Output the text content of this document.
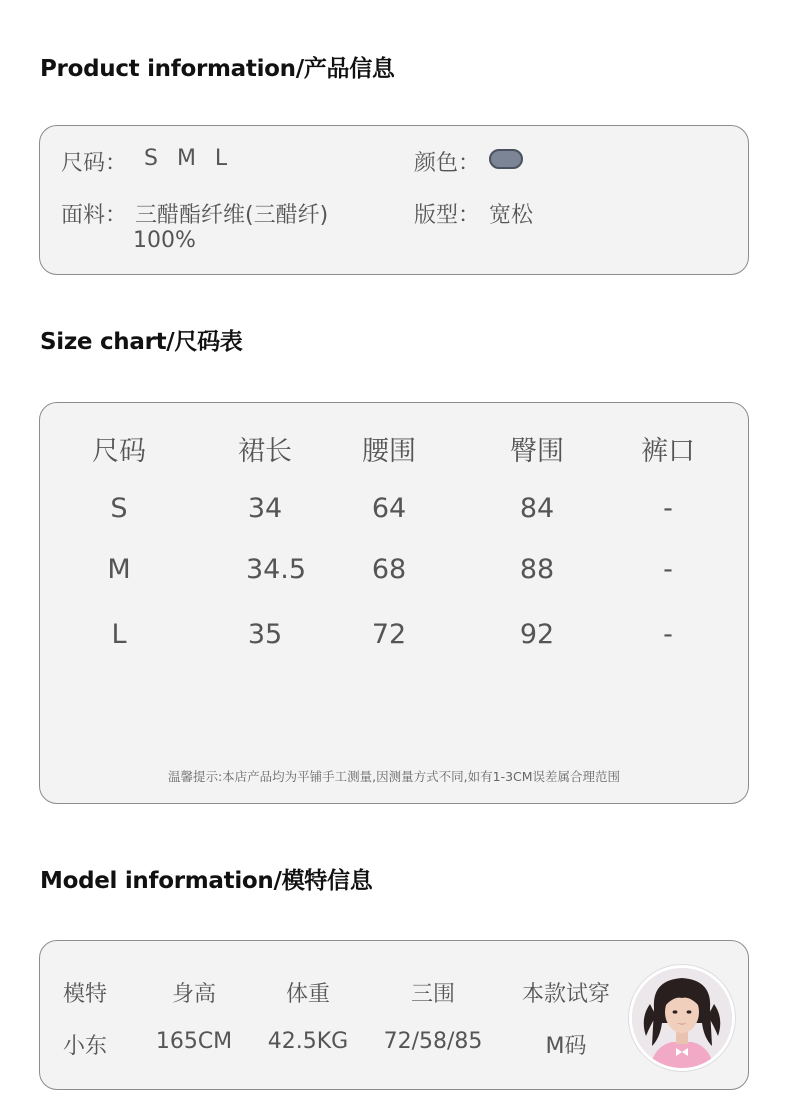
Product information/产品信息
尺码： S M L	颜色：
面料： 三醋酯纤维(三醋纤)
100%
版型： 宽松
Size chart/尺码表
尺码	裙长	腰围	臀围	裤口
S	34	64	84	-
M	34.5 68	88	-
L	35	72	92	-
温馨提示:本店产品均为平铺手工测量,因测量方式不同,如有1-3CM误差属合理范围
Model information/模特信息
模特	身高	体重	三围	本款试穿
小东 165CM 42.5KG 72/58/85	M码
